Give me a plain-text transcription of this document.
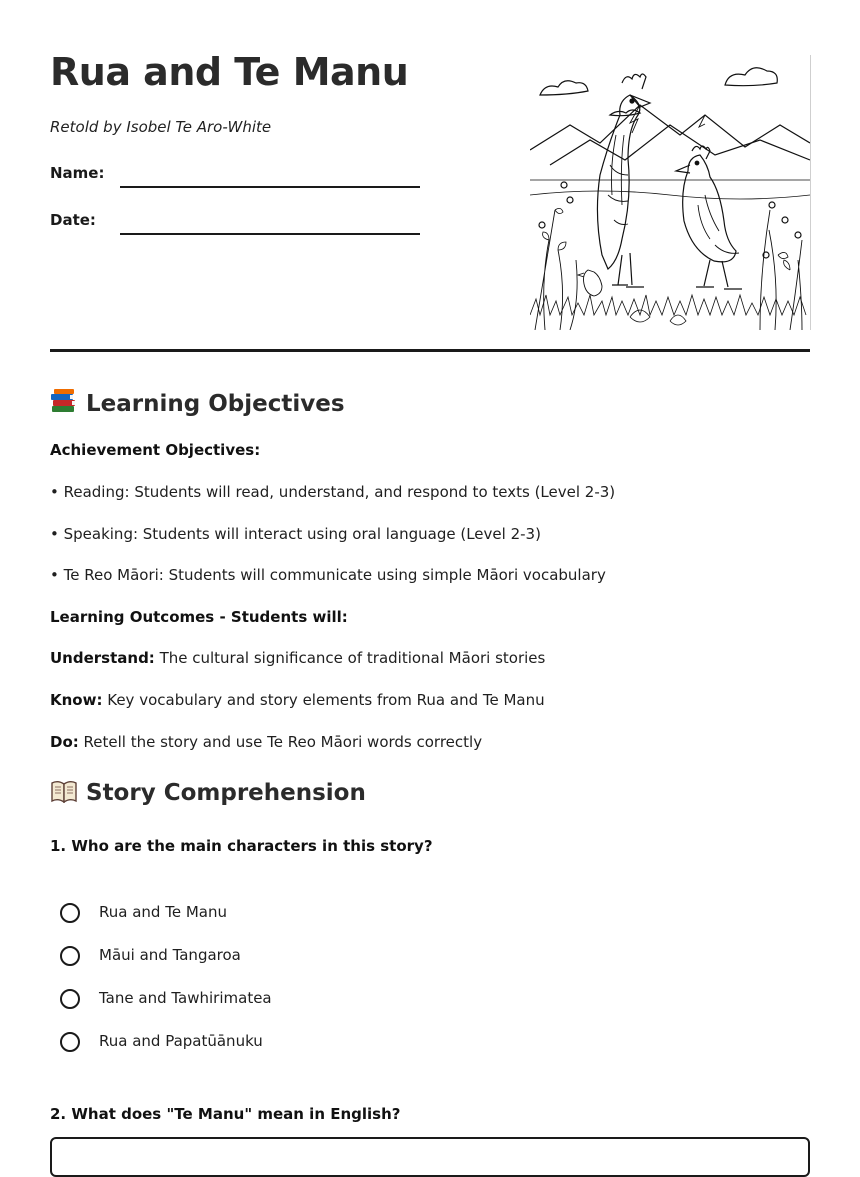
Rua and Te Manu
Retold by Isobel Te Aro-White
Name:
Date:
Learning Objectives
Achievement Objectives:
• Reading: Students will read, understand, and respond to texts (Level 2-3)
• Speaking: Students will interact using oral language (Level 2-3)
• Te Reo Māori: Students will communicate using simple Māori vocabulary
Learning Outcomes - Students will:
Understand: The cultural significance of traditional Māori stories
Know: Key vocabulary and story elements from Rua and Te Manu
Do: Retell the story and use Te Reo Māori words correctly
Story Comprehension
1. Who are the main characters in this story?
Rua and Te Manu
Māui and Tangaroa
Tane and Tawhirimatea
Rua and Papatūānuku
2. What does "Te Manu" mean in English?
